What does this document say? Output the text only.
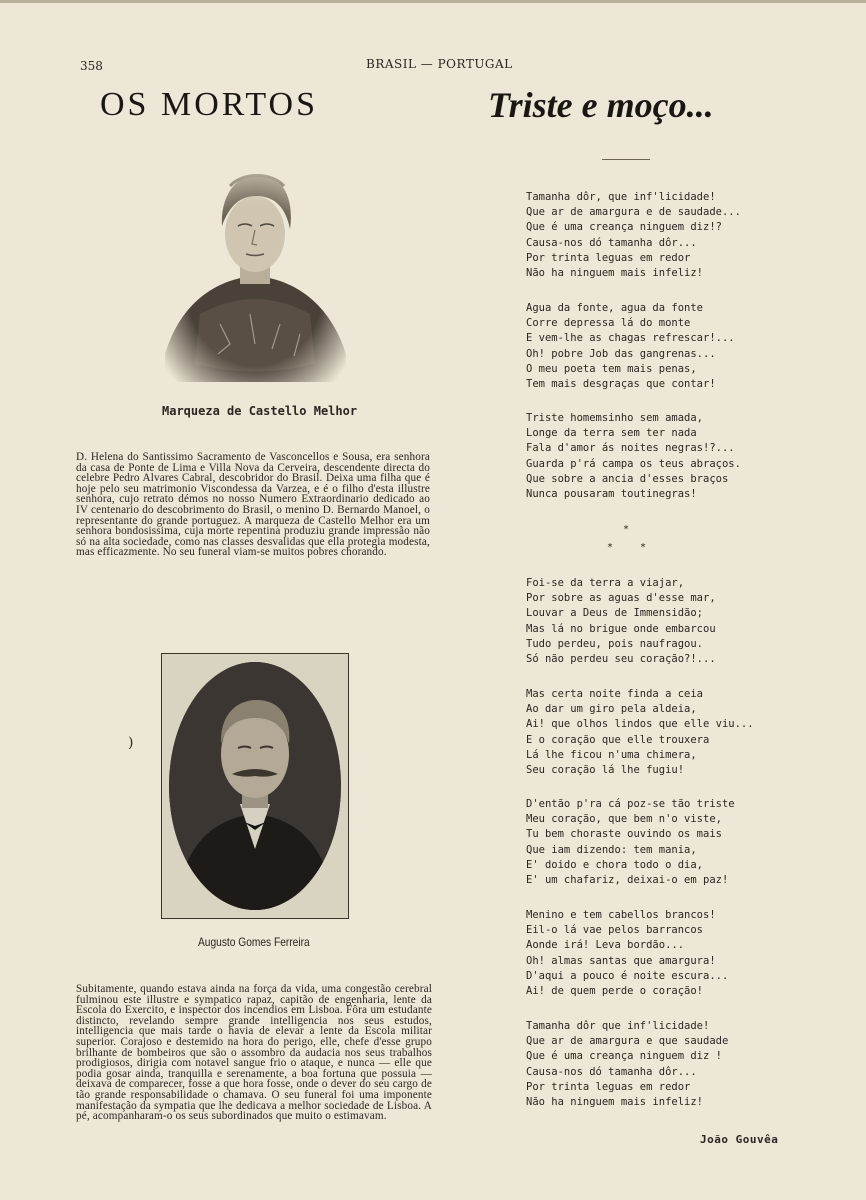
358	BRASIL — PORTUGAL
OS MORTOS	Triste e moço...
Marqueza de Castello Melhor
D. Helena do Santissimo Sacramento de Vasconcellos e Sousa, era senhora da casa de Ponte de Lima e Villa Nova da Cerveira, descendente directa do celebre Pedro Alvares Cabral, descobridor do Brasil. Deixa uma filha que é hoje pelo seu matrimonio Viscondessa da Varzea, e é o filho d'esta illustre senhora, cujo retrato démos no nosso Numero Extraordinario dedicado ao IV centenario do descobrimento do Brasil, o menino D. Bernardo Manoel, o representante do grande portuguez. A marqueza de Castello Melhor era um senhora bondosissima, cuja morte repentina produziu grande impressão não só na alta sociedade, como nas classes desvalidas que ella protegia modesta, mas efficazmente. No seu funeral viam-se muitos pobres chorando.
)
Augusto Gomes Ferreira
Subitamente, quando estava ainda na força da vida, uma congestão cerebral fulminou este illustre e sympatico rapaz, capitão de engenharia, lente da Escola do Exercito, e inspector dos incendios em Lisboa. Fôra um estudante distincto, revelando sempre grande intelligencia nos seus estudos, intelligencia que mais tarde o havia de elevar a lente da Escola militar superior. Corajoso e destemido na hora do perigo, elle, chefe d'esse grupo brilhante de bombeiros que são o assombro da audacia nos seus trabalhos prodigiosos, dirigia com notavel sangue frio o ataque, e nunca — elle que podia gosar ainda, tranquilla e serenamente, a boa fortuna que possuia — deixava de comparecer, fosse a que hora fosse, onde o dever do seu cargo de tão grande responsabilidade o chamava. O seu funeral foi uma imponente manifestação da sympatia que lhe dedicava a melhor sociedade de Lisboa. A pé, acompanharam-o os seus subordinados que muito o estimavam.
Tamanha dôr, que inf'licidade!
Que ar de amargura e de saudade...
Que é uma creança ninguem diz!?
Causa-nos dó tamanha dôr...
Por trinta leguas em redor
Não ha ninguem mais infeliz!
Agua da fonte, agua da fonte
Corre depressa lá do monte
E vem-lhe as chagas refrescar!...
Oh! pobre Job das gangrenas...
O meu poeta tem mais penas,
Tem mais desgraças que contar!
Triste homemsinho sem amada,
Longe da terra sem ter nada
Fala d'amor ás noites negras!?...
Guarda p'rá campa os teus abraços.
Que sobre a ancia d'esses braços
Nunca pousaram toutinegras!
*
*	*
Foi-se da terra a viajar,
Por sobre as aguas d'esse mar,
Louvar a Deus de Immensidão;
Mas lá no brigue onde embarcou
Tudo perdeu, pois naufragou.
Só não perdeu seu coração?!...
Mas certa noite finda a ceia
Ao dar um giro pela aldeia,
Ai! que olhos lindos que elle viu...
E o coração que elle trouxera
Lá lhe ficou n'uma chimera,
Seu coração lá lhe fugiu!
D'então p'ra cá poz-se tão triste
Meu coração, que bem n'o viste,
Tu bem choraste ouvindo os mais
Que iam dizendo: tem mania,
E' doido e chora todo o dia,
E' um chafariz, deixai-o em paz!
Menino e tem cabellos brancos!
Eil-o lá vae pelos barrancos
Aonde irá! Leva bordão...
Oh! almas santas que amargura!
D'aqui a pouco é noite escura...
Ai! de quem perde o coração!
Tamanha dôr que inf'licidade!
Que ar de amargura e que saudade
Que é uma creança ninguem diz !
Causa-nos dó tamanha dôr...
Por trinta leguas em redor
Não ha ninguem mais infeliz!
João Gouvêa
